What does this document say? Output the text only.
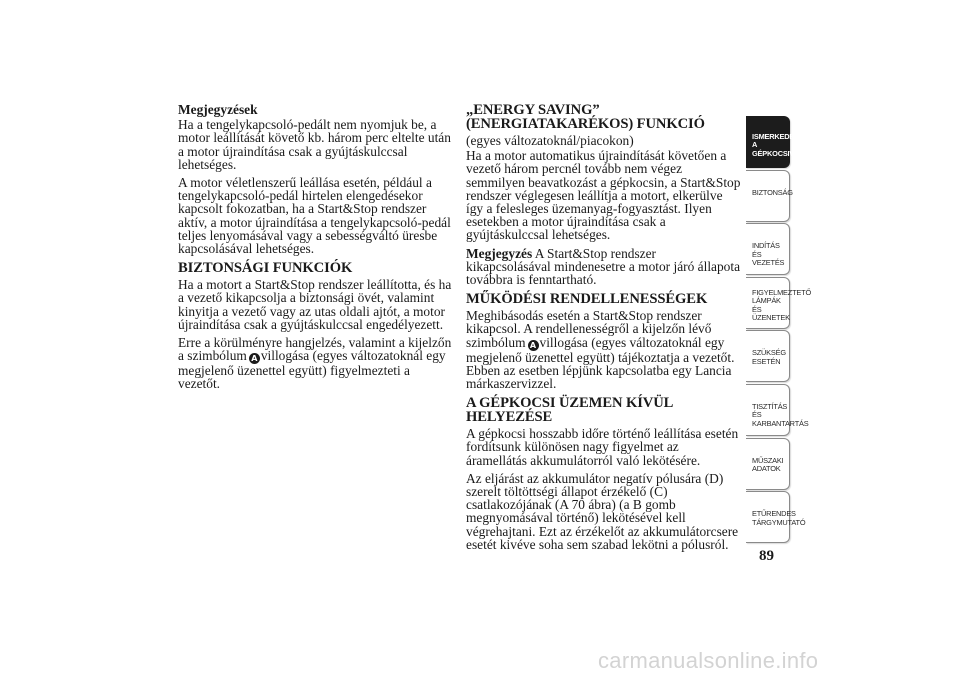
Megjegyzések

Ha a tengelykapcsoló-pedált nem nyomjuk be, a motor leállítását követő kb. három perc eltelte után a motor újraindítása csak a gyújtáskulccsal lehetséges.

A motor véletlenszerű leállása esetén, például a tengelykapcsoló-pedál hirtelen elengedésekor kapcsolt fokozatban, ha a Start&Stop rendszer aktív, a motor újraindítása a tengelykapcsoló-pedál teljes lenyomásával vagy a sebességváltó üresbe kapcsolásával lehetséges.

BIZTONSÁGI FUNKCIÓK

Ha a motort a Start&Stop rendszer leállította, és ha a vezető kikapcsolja a biztonsági övét, valamint kinyitja a vezető vagy az utas oldali ajtót, a motor újraindítása csak a gyújtáskulccsal engedélyezett.

Erre a körülményre hangjelzés, valamint a kijelzőn a szimbólum A villogása (egyes változatoknál egy megjelenő üzenettel együtt) figyelmezteti a vezetőt.

„ENERGY SAVING” (ENERGIATAKARÉKOS) FUNKCIÓ

(egyes változatoknál/piacokon)

Ha a motor automatikus újraindítását követően a vezető három percnél tovább nem végez semmilyen beavatkozást a gépkocsin, a Start&Stop rendszer véglegesen leállítja a motort, elkerülve így a felesleges üzemanyag-fogyasztást. Ilyen esetekben a motor újraindítása csak a gyújtáskulccsal lehetséges.

Megjegyzés A Start&Stop rendszer kikapcsolásával mindenesetre a motor járó állapota továbbra is fenntartható.

MŰKÖDÉSI RENDELLENESSÉGEK

Meghibásodás esetén a Start&Stop rendszer kikapcsol. A rendellenességről a kijelzőn lévő szimbólum A villogása (egyes változatoknál egy megjelenő üzenettel együtt) tájékoztatja a vezetőt. Ebben az esetben lépjünk kapcsolatba egy Lancia márkaszervizzel.

A GÉPKOCSI ÜZEMEN KÍVÜL HELYEZÉSE

A gépkocsi hosszabb időre történő leállítása esetén fordítsunk különösen nagy figyelmet az áramellátás akkumulátorról való lekötésére.

Az eljárást az akkumulátor negatív pólusára (D) szerelt töltöttségi állapot érzékelő (C) csatlakozójának (A 70 ábra) (a B gomb megnyomásával történő) lekötésével kell végrehajtani. Ezt az érzékelőt az akkumulátorcsere esetét kivéve soha sem szabad lekötni a pólusról.

ISMERKEDÉS A
GÉPKOCSIVAL
BIZTONSÁG
INDÍTÁS ÉS
VEZETÉS
FIGYELMEZTETŐ
LÁMPÁK ÉS
ÜZENETEK
SZÜKSÉG ESETÉN
TISZTÍTÁS ÉS
KARBANTARTÁS
MŰSZAKI ADATOK
ETŰRENDES
TÁRGYMUTATÓ
89
carmanualsonline.info
